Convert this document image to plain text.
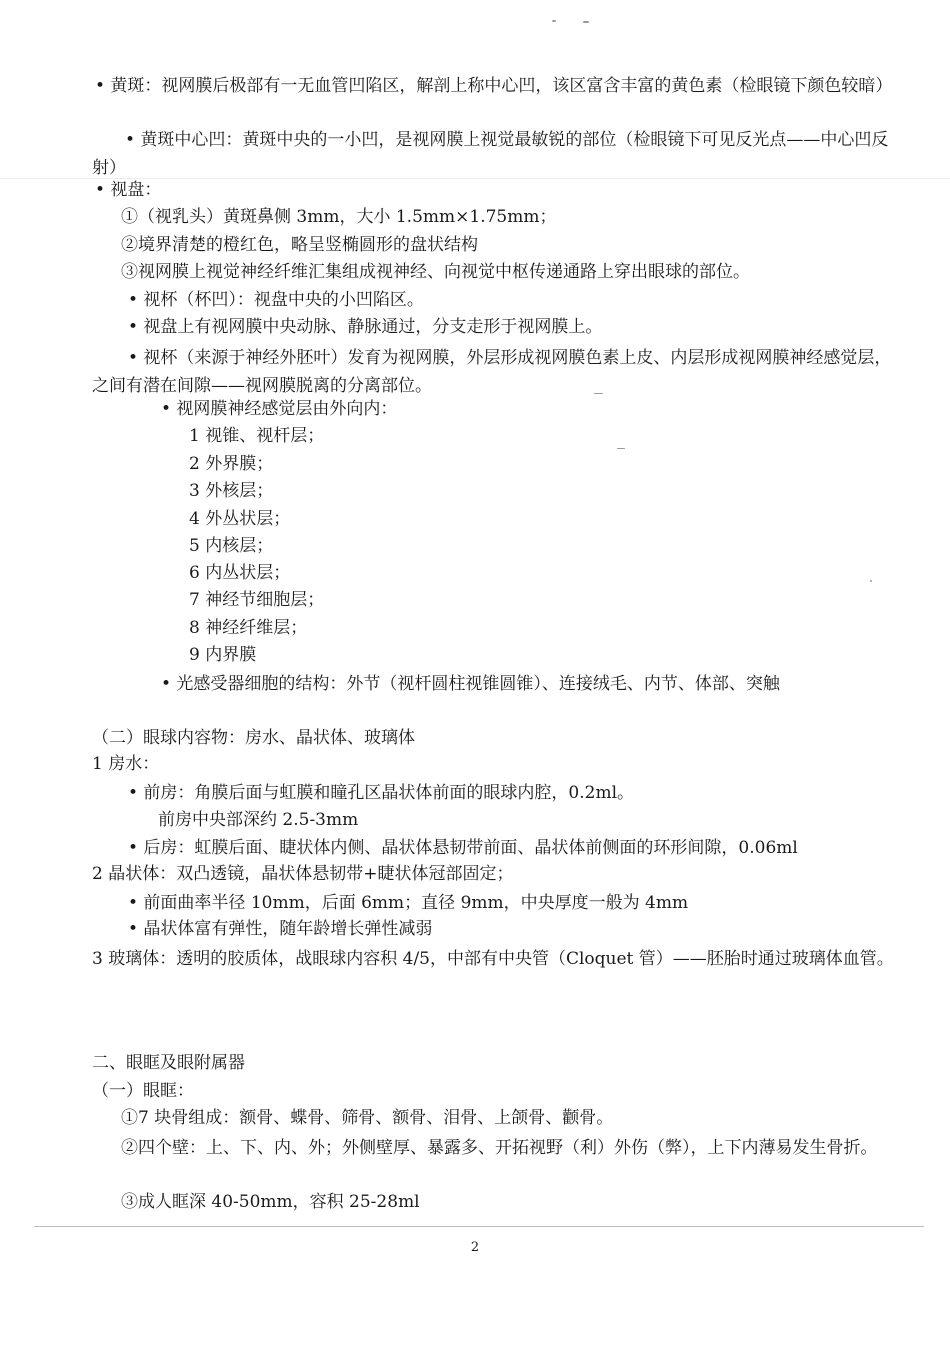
• 黄斑：视网膜后极部有一无血管凹陷区，解剖上称中心凹，该区富含丰富的黄色素（检眼镜下颜色较暗）
• 黄斑中心凹：黄斑中央的一小凹，是视网膜上视觉最敏锐的部位（检眼镜下可见反光点——中心凹反射）
• 视盘：
①（视乳头）黄斑鼻侧 3mm，大小 1.5mm×1.75mm；
②境界清楚的橙红色，略呈竖椭圆形的盘状结构
③视网膜上视觉神经纤维汇集组成视神经、向视觉中枢传递通路上穿出眼球的部位。
• 视杯（杯凹）：视盘中央的小凹陷区。
• 视盘上有视网膜中央动脉、静脉通过，分支走形于视网膜上。
• 视杯（来源于神经外胚叶）发育为视网膜，外层形成视网膜色素上皮、内层形成视网膜神经感觉层，之间有潜在间隙——视网膜脱离的分离部位。
• 视网膜神经感觉层由外向内：
1 视锥、视杆层；
2 外界膜；
3 外核层；
4 外丛状层；
5 内核层；
6 内丛状层；
7 神经节细胞层；
8 神经纤维层；
9 内界膜
• 光感受器细胞的结构：外节（视杆圆柱视锥圆锥）、连接绒毛、内节、体部、突触
（二）眼球内容物：房水、晶状体、玻璃体
1 房水：
• 前房：角膜后面与虹膜和瞳孔区晶状体前面的眼球内腔，0.2ml。
前房中央部深约 2.5-3mm
• 后房：虹膜后面、睫状体内侧、晶状体悬韧带前面、晶状体前侧面的环形间隙，0.06ml
2 晶状体：双凸透镜，晶状体悬韧带+睫状体冠部固定；
• 前面曲率半径 10mm，后面 6mm；直径 9mm，中央厚度一般为 4mm
• 晶状体富有弹性，随年龄增长弹性减弱
3 玻璃体：透明的胶质体，战眼球内容积 4/5，中部有中央管（Cloquet 管）——胚胎时通过玻璃体血管。
二、眼眶及眼附属器
（一）眼眶：
①7 块骨组成：额骨、蝶骨、筛骨、额骨、泪骨、上颌骨、颧骨。
②四个壁：上、下、内、外；外侧壁厚、暴露多、开拓视野（利）外伤（弊），上下内薄易发生骨折。
③成人眶深 40-50mm，容积 25-28ml
2
